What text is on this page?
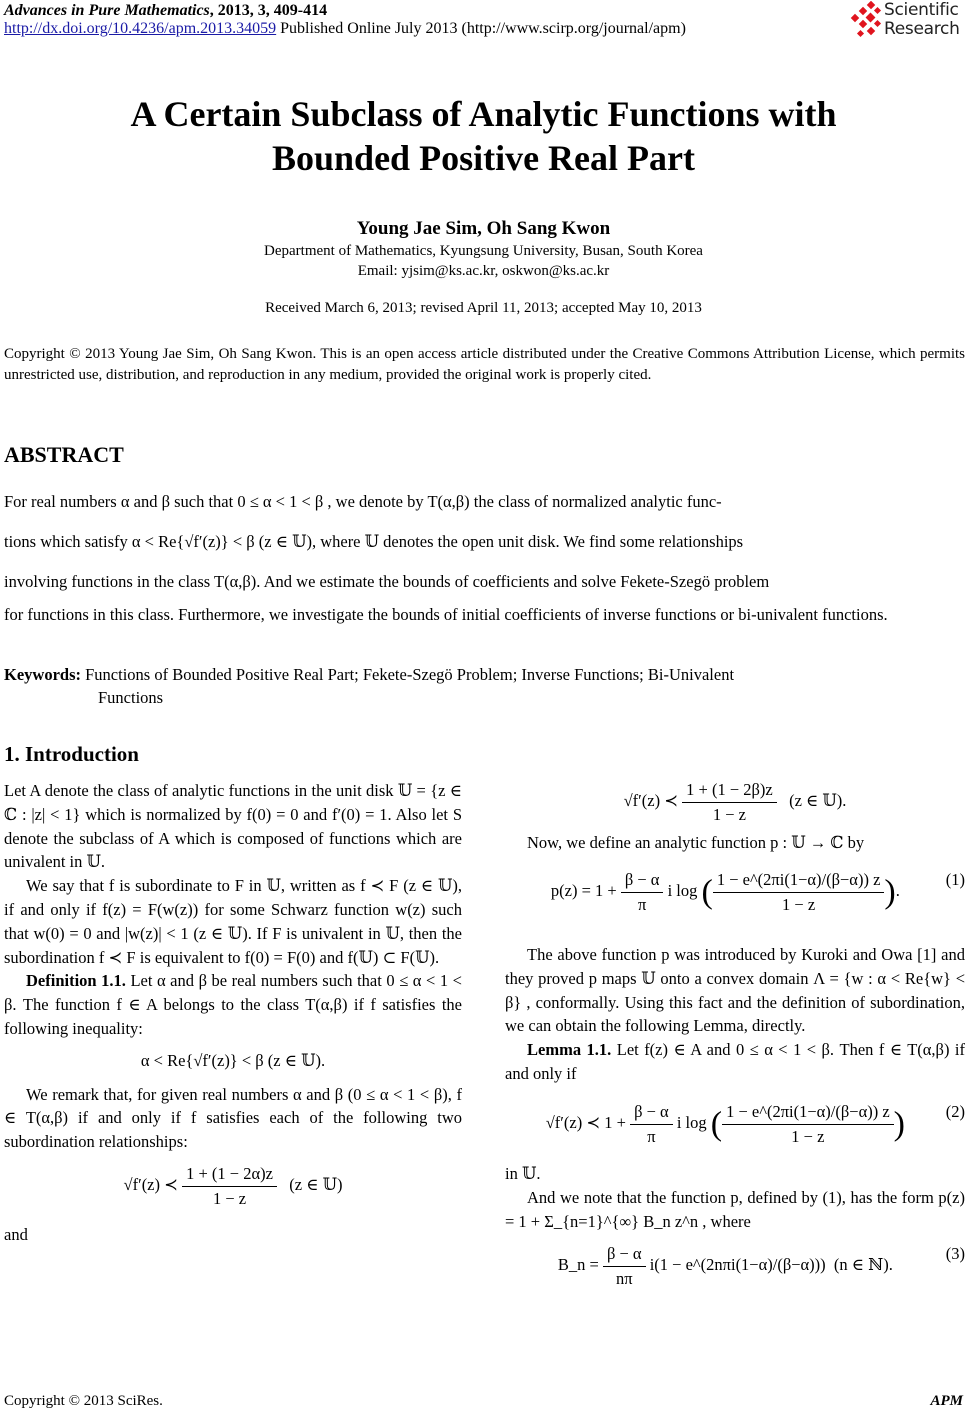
Advances in Pure Mathematics, 2013, 3, 409-414
http://dx.doi.org/10.4236/apm.2013.34059 Published Online July 2013 (http://www.scirp.org/journal/apm)
Scientific
Research
A Certain Subclass of Analytic Functions with
Bounded Positive Real Part
Young Jae Sim, Oh Sang Kwon
Department of Mathematics, Kyungsung University, Busan, South Korea
Email: yjsim@ks.ac.kr, oskwon@ks.ac.kr
Received March 6, 2013; revised April 11, 2013; accepted May 10, 2013
Copyright © 2013 Young Jae Sim, Oh Sang Kwon. This is an open access article distributed under the Creative Commons Attribution License, which permits unrestricted use, distribution, and reproduction in any medium, provided the original work is properly cited.
ABSTRACT
For real numbers α and β such that 0 ≤ α < 1 < β , we denote by T(α,β) the class of normalized analytic func-
tions which satisfy α < Re{√f′(z)} < β (z ∈ 𝕌), where 𝕌 denotes the open unit disk. We find some relationships
involving functions in the class T(α,β). And we estimate the bounds of coefficients and solve Fekete-Szegö problem
for functions in this class. Furthermore, we investigate the bounds of initial coefficients of inverse functions or bi-univalent functions.
Keywords: Functions of Bounded Positive Real Part; Fekete-Szegö Problem; Inverse Functions; Bi-Univalent
Functions
1. Introduction

Let A denote the class of analytic functions in the unit disk 𝕌 = {z ∈ ℂ : |z| < 1} which is normalized by f(0) = 0 and f′(0) = 1. Also let S denote the subclass of A which is composed of functions which are univalent in 𝕌.

We say that f is subordinate to F in 𝕌, written as f ≺ F (z ∈ 𝕌), if and only if f(z) = F(w(z)) for some Schwarz function w(z) such that w(0) = 0 and |w(z)| < 1 (z ∈ 𝕌). If F is univalent in 𝕌, then the subordination f ≺ F is equivalent to f(0) = F(0) and f(𝕌) ⊂ F(𝕌).

Definition 1.1. Let α and β be real numbers such that 0 ≤ α < 1 < β. The function f ∈ A belongs to the class T(α,β) if f satisfies the following inequality:

α < Re{√f′(z)} < β (z ∈ 𝕌).

We remark that, for given real numbers α and β (0 ≤ α < 1 < β), f ∈ T(α,β) if and only if f satisfies each of the following two subordination relationships:

√f′(z) ≺ $\frac{1 + (1 - 2\alpha)z}{1 - z} (z$ ∈ 𝕌)

and

√f′(z) ≺ $\frac{1 + (1 - 2\beta)z}{1 - z} (z$ ∈ 𝕌).

Now, we define an analytic function p : 𝕌 → ℂ by

(1)
$p(z) = 1 + \frac{\beta - \alpha}{\pi}$ i log ( $\frac{1 - e\^{}(2\pi i(1-\alpha)/(\beta-\alpha)) z}{1 - z}$ ).

The above function p was introduced by Kuroki and Owa [1] and they proved p maps 𝕌 onto a convex domain Λ = {w : α < Re{w} < β} , conformally. Using this fact and the definition of subordination, we can obtain the following Lemma, directly.

Lemma 1.1. Let f(z) ∈ A and 0 ≤ α < 1 < β. Then f ∈ T(α,β) if and only if

(2)
√f′(z) ≺ $1 + \frac{\beta - \alpha}{\pi}$ i log ( $\frac{1 - e\^{}(2\pi i(1-\alpha)/(\beta-\alpha)) z}{1 - z}$ )

in 𝕌.

And we note that the function p, defined by (1), has the form p(z) = 1 + Σ_{n=1}^{∞} B_n z^n , where

(3)
B_n = $\frac{\beta - \alpha}{n\pi} i(1$ − e^(2nπi(1−α)/(β−α))) (n ∈ ℕ).
Copyright © 2013 SciRes.	APM
